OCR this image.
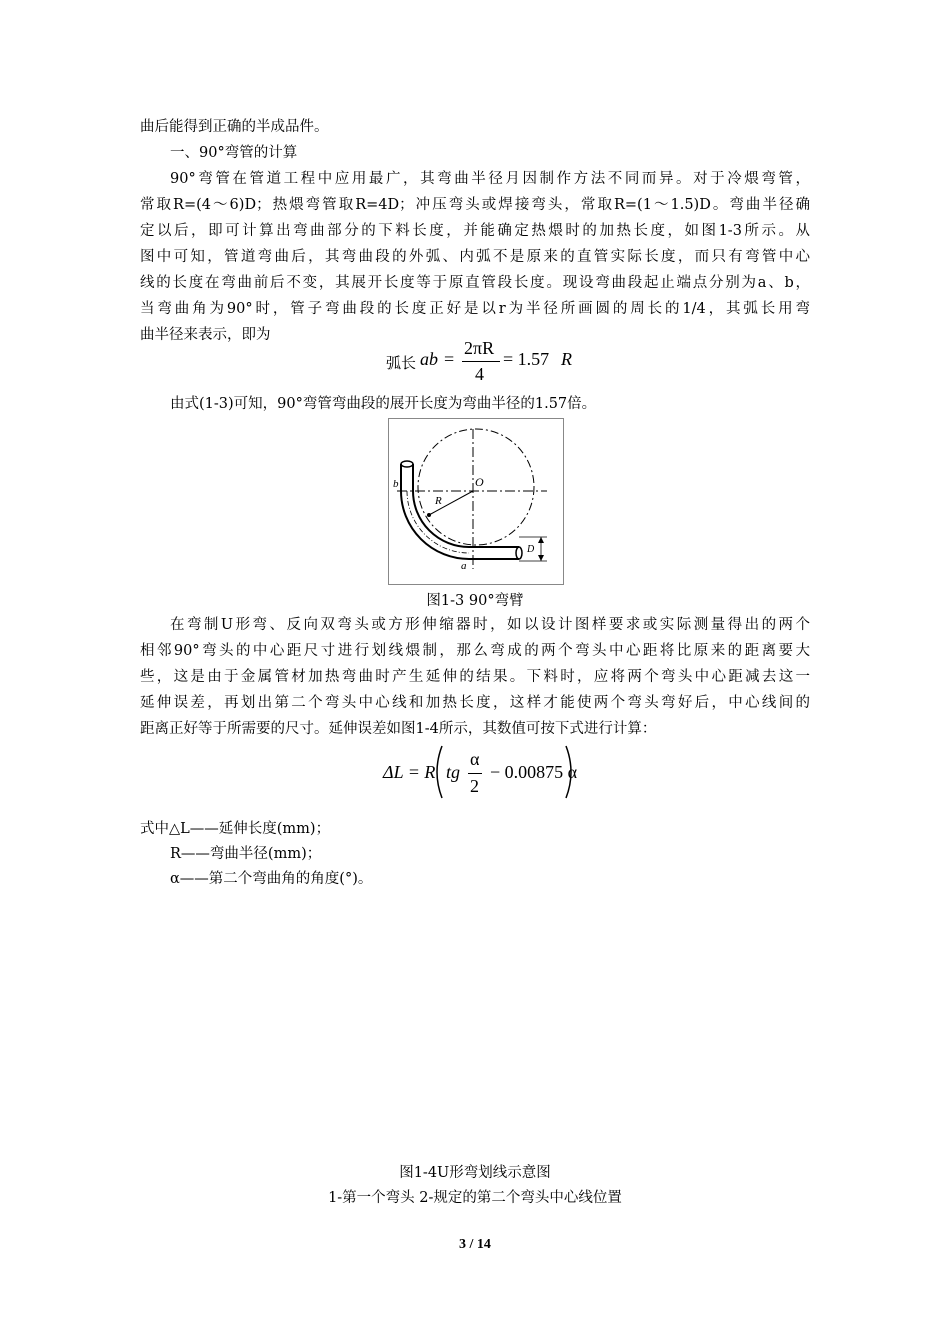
曲后能得到正确的半成品件。
一、90°弯管的计算
90°弯管在管道工程中应用最广，其弯曲半径月因制作方法不同而异。对于冷煨弯管，
常取R=(4～6)D；热煨弯管取R=4D；冲压弯头或焊接弯头，常取R=(1～1.5)D。弯曲半径确
定以后，即可计算出弯曲部分的下料长度，并能确定热煨时的加热长度，如图1-3所示。从
图中可知，管道弯曲后，其弯曲段的外弧、内弧不是原来的直管实际长度，而只有弯管中心
线的长度在弯曲前后不变，其展开长度等于原直管段长度。现设弯曲段起止端点分别为a、b，
当弯曲角为90°时，管子弯曲段的长度正好是以r为半径所画圆的周长的1/4，其弧长用弯
曲半径来表示，即为
弧长 ab =
2πR
4
= 1.57 R
由式(1-3)可知，90°弯管弯曲段的展开长度为弯曲半径的1.57倍。
b	O
R
D
a
图1-3 90°弯臂
在弯制U形弯、反向双弯头或方形伸缩器时，如以设计图样要求或实际测量得出的两个
相邻90°弯头的中心距尺寸进行划线煨制，那么弯成的两个弯头中心距将比原来的距离要大
些，这是由于金属管材加热弯曲时产生延伸的结果。下料时，应将两个弯头中心距减去这一
延伸误差，再划出第二个弯头中心线和加热长度，这样才能使两个弯头弯好后，中心线间的
距离正好等于所需要的尺寸。延伸误差如图1-4所示，其数值可按下式进行计算：
ΔL = R tg
α
2
− 0.00875 α
式中△L——延伸长度(mm)；
R——弯曲半径(mm)；
α——第二个弯曲角的角度(°)。
图1-4U形弯划线示意图
1-第一个弯头 2-规定的第二个弯头中心线位置
3 / 14
